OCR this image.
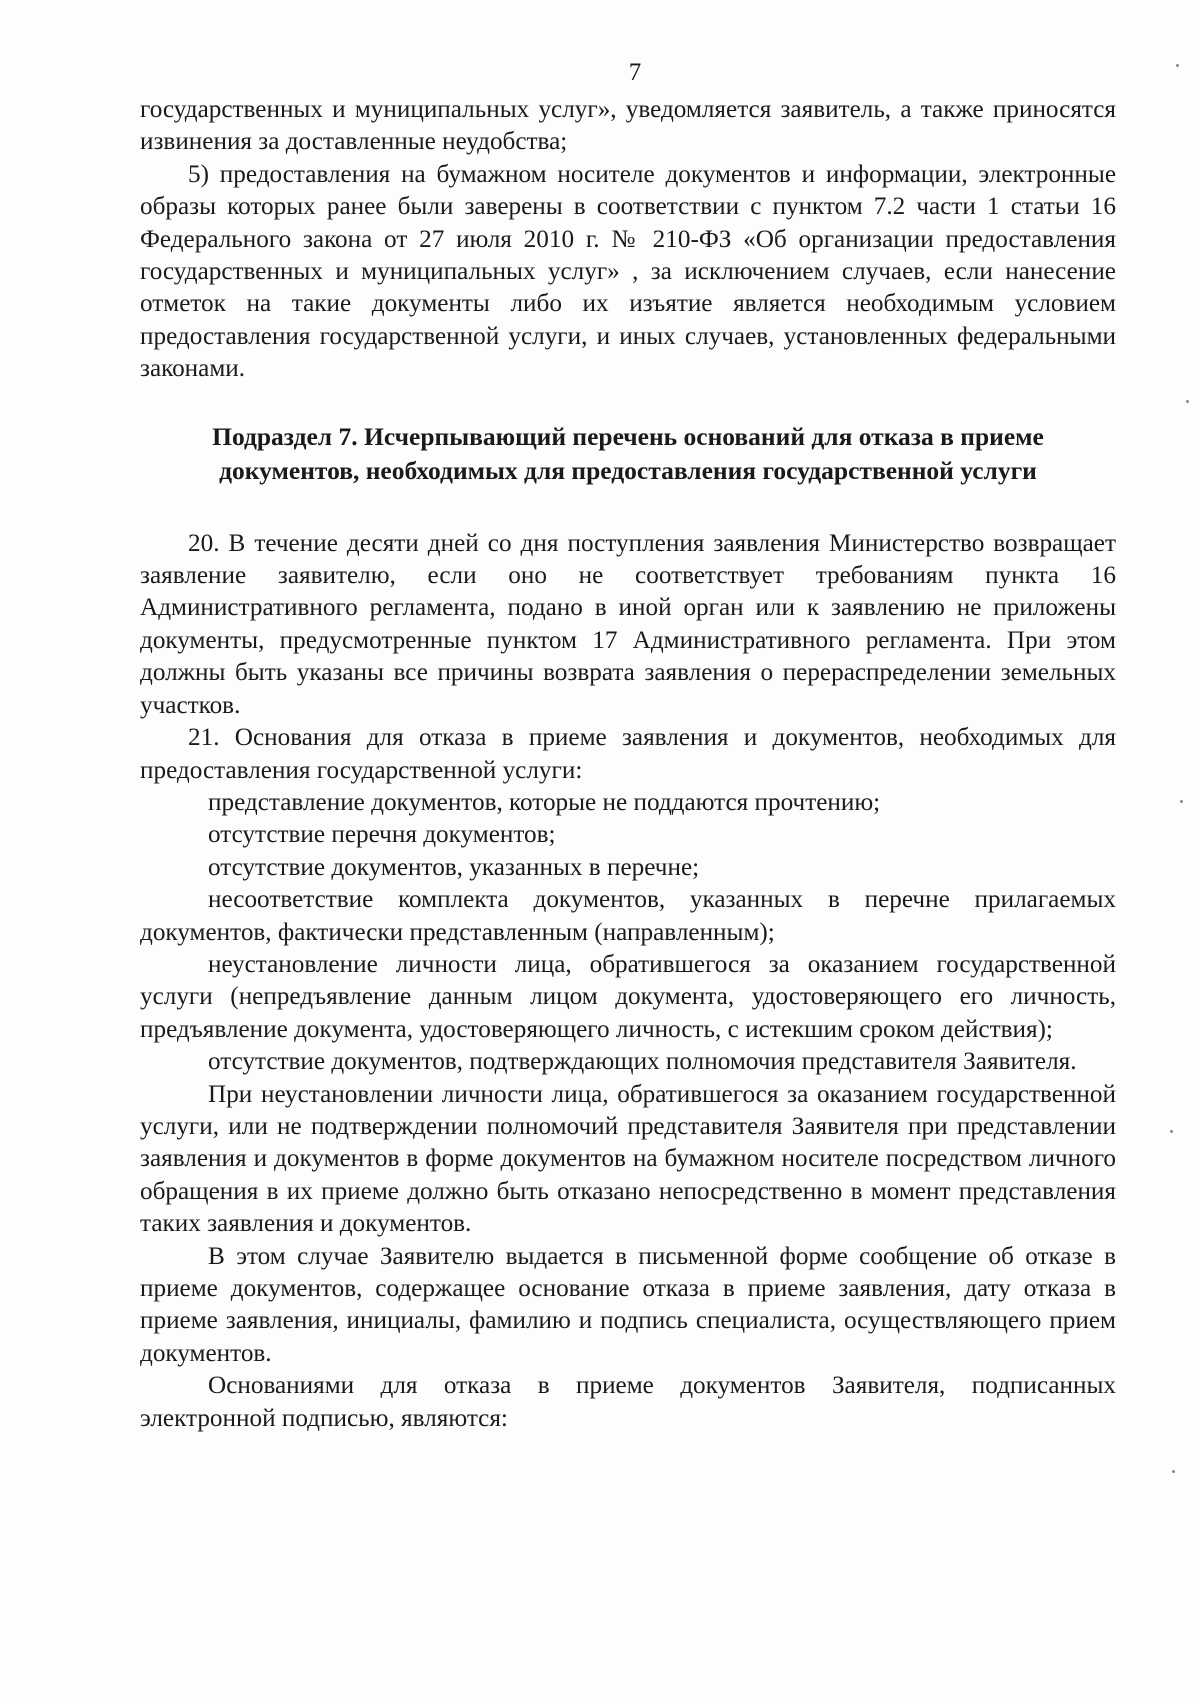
7

государственных и муниципальных услуг», уведомляется заявитель, а также приносятся извинения за доставленные неудобства;

5) предоставления на бумажном носителе документов и информации, электронные образы которых ранее были заверены в соответствии с пунктом 7.2 части 1 статьи 16 Федерального закона от 27 июля 2010 г. № 210-ФЗ «Об организации предоставления государственных и муниципальных услуг» , за исключением случаев, если нанесение отметок на такие документы либо их изъятие является необходимым условием предоставления государственной услуги, и иных случаев, установленных федеральными законами.

Подраздел 7. Исчерпывающий перечень оснований для отказа в приеме документов, необходимых для предоставления государственной услуги

20. В течение десяти дней со дня поступления заявления Министерство возвращает заявление заявителю, если оно не соответствует требованиям пункта 16 Административного регламента, подано в иной орган или к заявлению не приложены документы, предусмотренные пунктом 17 Административного регламента. При этом должны быть указаны все причины возврата заявления о перераспределении земельных участков.

21. Основания для отказа в приеме заявления и документов, необходимых для предоставления государственной услуги:

представление документов, которые не поддаются прочтению;

отсутствие перечня документов;

отсутствие документов, указанных в перечне;

несоответствие комплекта документов, указанных в перечне прилагаемых документов, фактически представленным (направленным);

неустановление личности лица, обратившегося за оказанием государственной услуги (непредъявление данным лицом документа, удостоверяющего его личность, предъявление документа, удостоверяющего личность, с истекшим сроком действия);

отсутствие документов, подтверждающих полномочия представителя Заявителя.

При неустановлении личности лица, обратившегося за оказанием государственной услуги, или не подтверждении полномочий представителя Заявителя при представлении заявления и документов в форме документов на бумажном носителе посредством личного обращения в их приеме должно быть отказано непосредственно в момент представления таких заявления и документов.

В этом случае Заявителю выдается в письменной форме сообщение об отказе в приеме документов, содержащее основание отказа в приеме заявления, дату отказа в приеме заявления, инициалы, фамилию и подпись специалиста, осуществляющего прием документов.

Основаниями для отказа в приеме документов Заявителя, подписанных электронной подписью, являются:
